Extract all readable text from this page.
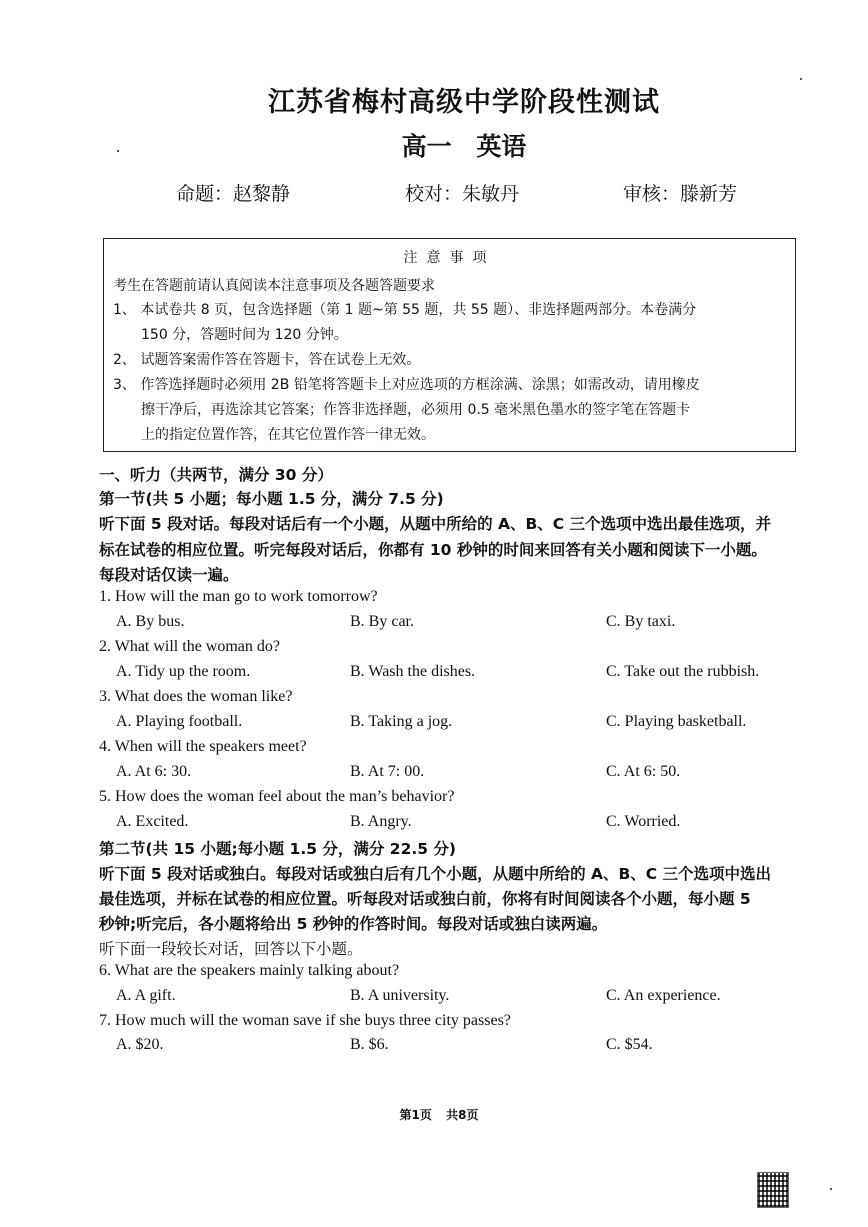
江苏省梅村高级中学阶段性测试
高一 英语
命题：赵黎静	校对：朱敏丹	审核：滕新芳
注意事项
考生在答题前请认真阅读本注意事项及各题答题要求
1、 本试卷共 8 页，包含选择题（第 1 题~第 55 题，共 55 题）、非选择题两部分。本卷满分
150 分，答题时间为 120 分钟。
2、 试题答案需作答在答题卡，答在试卷上无效。
3、 作答选择题时必须用 2B 铅笔将答题卡上对应选项的方框涂满、涂黑；如需改动，请用橡皮
擦干净后，再选涂其它答案；作答非选择题，必须用 0.5 毫米黑色墨水的签字笔在答题卡
上的指定位置作答，在其它位置作答一律无效。
一、听力（共两节，满分 30 分）
第一节(共 5 小题；每小题 1.5 分，满分 7.5 分)
听下面 5 段对话。每段对话后有一个小题，从题中所给的 A、B、C 三个选项中选出最佳选项，并
标在试卷的相应位置。听完每段对话后，你都有 10 秒钟的时间来回答有关小题和阅读下一小题。
每段对话仅读一遍。
1. How will the man go to work tomorrow?
A. By bus.	B. By car.	C. By taxi.
2. What will the woman do?
A. Tidy up the room.	B. Wash the dishes.	C. Take out the rubbish.
3. What does the woman like?
A. Playing football.	B. Taking a jog.	C. Playing basketball.
4. When will the speakers meet?
A. At 6: 30.	B. At 7: 00.	C. At 6: 50.
5. How does the woman feel about the man’s behavior?
A. Excited.	B. Angry.	C. Worried.
第二节(共 15 小题;每小题 1.5 分，满分 22.5 分)
听下面 5 段对话或独白。每段对话或独白后有几个小题，从题中所给的 A、B、C 三个选项中选出
最佳选项，并标在试卷的相应位置。听每段对话或独白前，你将有时间阅读各个小题，每小题 5
秒钟;听完后，各小题将给出 5 秒钟的作答时间。每段对话或独白读两遍。
听下面一段较长对话，回答以下小题。
6. What are the speakers mainly talking about?
A. A gift.	B. A university.	C. An experience.
7. How much will the woman save if she buys three city passes?
A. $20.	B. $6.	C. $54.
第1页 共8页
